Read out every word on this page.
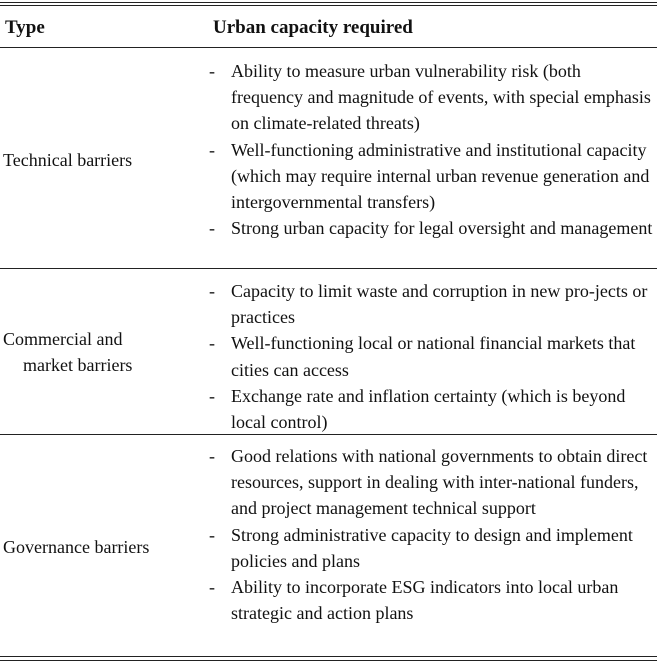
Type	Urban capacity required
Technical barriers
- Ability to measure urban vulnerability risk (both frequency and magnitude of events, with special emphasis on climate-related threats)
- Well-functioning administrative and institutional capacity (which may require internal urban revenue generation and intergovernmental transfers)
- Strong urban capacity for legal oversight and management
Commercial and
market barriers
- Capacity to limit waste and corruption in new pro-jects or practices
- Well-functioning local or national financial markets that cities can access
- Exchange rate and inflation certainty (which is beyond local control)
Governance barriers
- Good relations with national governments to obtain direct resources, support in dealing with inter-national funders, and project management technical support
- Strong administrative capacity to design and implement policies and plans
- Ability to incorporate ESG indicators into local urban strategic and action plans
